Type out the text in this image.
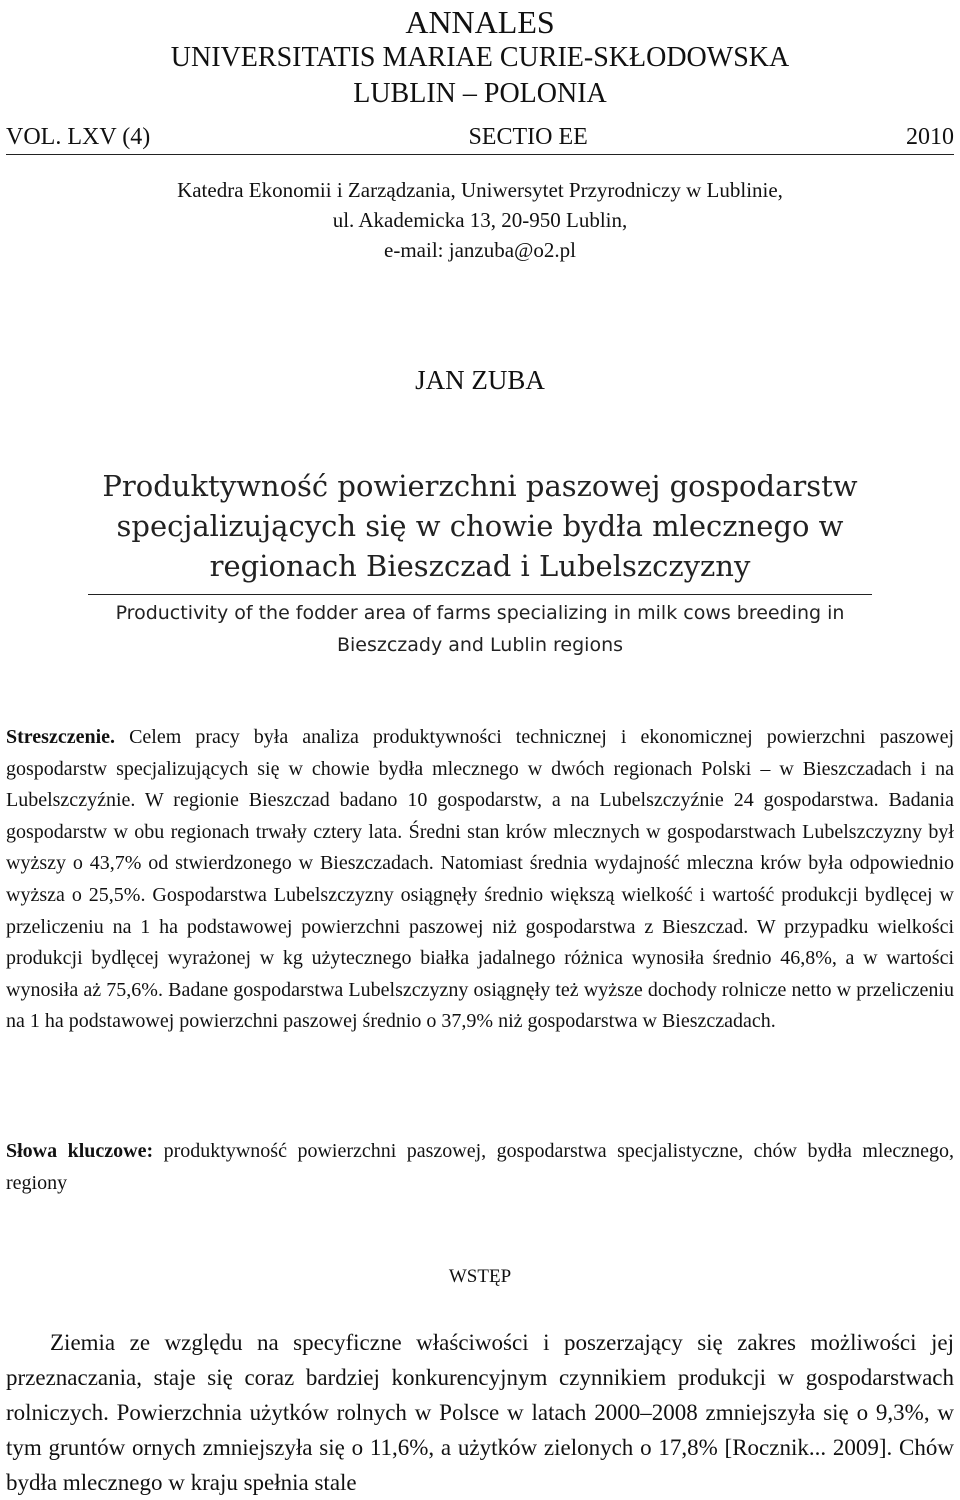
ANNALES
UNIVERSITATIS MARIAE CURIE-SKŁODOWSKA
LUBLIN – POLONIA
VOL. LXV (4)	SECTIO EE	2010
Katedra Ekonomii i Zarządzania, Uniwersytet Przyrodniczy w Lublinie,
ul. Akademicka 13, 20-950 Lublin,
e-mail: janzuba@o2.pl
JAN ZUBA
Produktywność powierzchni paszowej gospodarstw specjalizujących się w chowie bydła mlecznego w regionach Bieszczad i Lubelszczyzny
Productivity of the fodder area of farms specializing in milk cows breeding in Bieszczady and Lublin regions
Streszczenie. Celem pracy była analiza produktywności technicznej i ekonomicznej powierzchni paszowej gospodarstw specjalizujących się w chowie bydła mlecznego w dwóch regionach Polski – w Bieszczadach i na Lubelszczyźnie. W regionie Bieszczad badano 10 gospodarstw, a na Lubelszczyźnie 24 gospodarstwa. Badania gospodarstw w obu regionach trwały cztery lata. Średni stan krów mlecznych w gospodarstwach Lubelszczyzny był wyższy o 43,7% od stwierdzonego w Bieszczadach. Natomiast średnia wydajność mleczna krów była odpowiednio wyższa o 25,5%. Gospodarstwa Lubelszczyzny osiągnęły średnio większą wielkość i wartość produkcji bydlęcej w przeliczeniu na 1 ha podstawowej powierzchni paszowej niż gospodarstwa z Bieszczad. W przypadku wielkości produkcji bydlęcej wyrażonej w kg użytecznego białka jadalnego różnica wynosiła średnio 46,8%, a w wartości wynosiła aż 75,6%. Badane gospodarstwa Lubelszczyzny osiągnęły też wyższe dochody rolnicze netto w przeliczeniu na 1 ha podstawowej powierzchni paszowej średnio o 37,9% niż gospodarstwa w Bieszczadach.
Słowa kluczowe: produktywność powierzchni paszowej, gospodarstwa specjalistyczne, chów bydła mlecznego, regiony
WSTĘP
Ziemia ze względu na specyficzne właściwości i poszerzający się zakres możliwości jej przeznaczania, staje się coraz bardziej konkurencyjnym czynnikiem produkcji w gospodarstwach rolniczych. Powierzchnia użytków rolnych w Polsce w latach 2000–2008 zmniejszyła się o 9,3%, w tym gruntów ornych zmniejszyła się o 11,6%, a użytków zielonych o 17,8% [Rocznik... 2009]. Chów bydła mlecznego w kraju spełnia stale
